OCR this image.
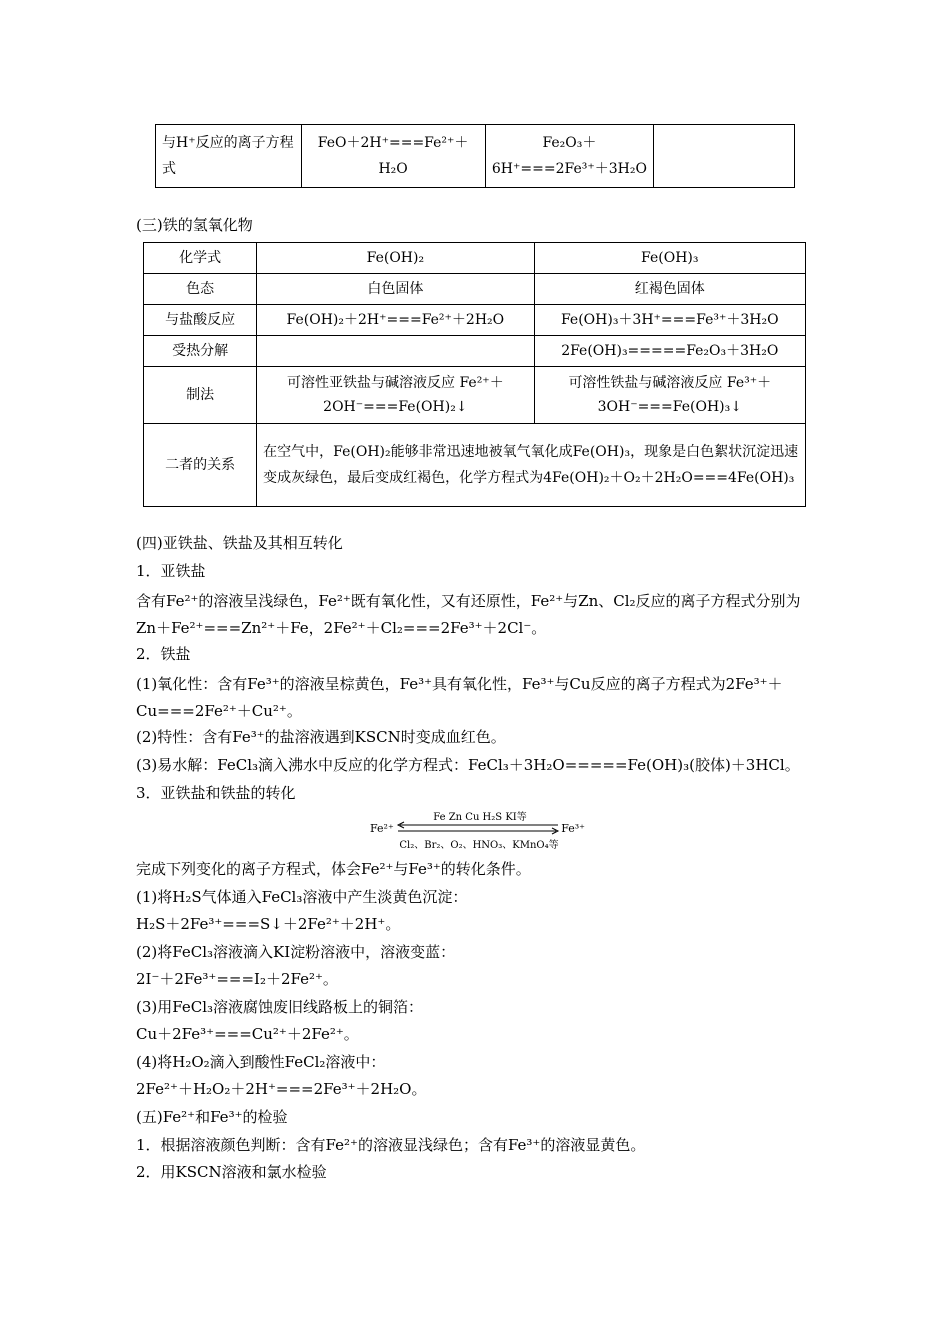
与H⁺反应的离子方程式	FeO＋2H⁺===Fe²⁺＋H₂O	Fe₂O₃＋6H⁺===2Fe³⁺＋3H₂O	
(三)铁的氢氧化物
化学式	Fe(OH)₂	Fe(OH)₃
色态	白色固体	红褐色固体
与盐酸反应	Fe(OH)₂＋2H⁺===Fe²⁺＋2H₂O	Fe(OH)₃＋3H⁺===Fe³⁺＋3H₂O
受热分解		2Fe(OH)₃=====Fe₂O₃＋3H₂O
制法	可溶性亚铁盐与碱溶液反应 Fe²⁺＋2OH⁻===Fe(OH)₂↓	可溶性铁盐与碱溶液反应 Fe³⁺＋3OH⁻===Fe(OH)₃↓
二者的关系	在空气中，Fe(OH)₂能够非常迅速地被氧气氧化成Fe(OH)₃，现象是白色絮状沉淀迅速变成灰绿色，最后变成红褐色，化学方程式为4Fe(OH)₂＋O₂＋2H₂O===4Fe(OH)₃	
(四)亚铁盐、铁盐及其相互转化
1．亚铁盐
含有Fe²⁺的溶液呈浅绿色，Fe²⁺既有氧化性，又有还原性，Fe²⁺与Zn、Cl₂反应的离子方程式分别为Zn＋Fe²⁺===Zn²⁺＋Fe，2Fe²⁺＋Cl₂===2Fe³⁺＋2Cl⁻。
2．铁盐
(1)氧化性：含有Fe³⁺的溶液呈棕黄色，Fe³⁺具有氧化性，Fe³⁺与Cu反应的离子方程式为2Fe³⁺＋Cu===2Fe²⁺＋Cu²⁺。
(2)特性：含有Fe³⁺的盐溶液遇到KSCN时变成血红色。
(3)易水解：FeCl₃滴入沸水中反应的化学方程式：FeCl₃＋3H₂O=====Fe(OH)₃(胶体)＋3HCl。
3．亚铁盐和铁盐的转化
Fe²⁺
Fe Zn Cu H₂S KI等
Cl₂、Br₂、O₂、HNO₃、KMnO₄等
Fe³⁺
完成下列变化的离子方程式，体会Fe²⁺与Fe³⁺的转化条件。
(1)将H₂S气体通入FeCl₃溶液中产生淡黄色沉淀：
H₂S＋2Fe³⁺===S↓＋2Fe²⁺＋2H⁺。
(2)将FeCl₃溶液滴入KI淀粉溶液中，溶液变蓝：
2I⁻＋2Fe³⁺===I₂＋2Fe²⁺。
(3)用FeCl₃溶液腐蚀废旧线路板上的铜箔：
Cu＋2Fe³⁺===Cu²⁺＋2Fe²⁺。
(4)将H₂O₂滴入到酸性FeCl₂溶液中：
2Fe²⁺＋H₂O₂＋2H⁺===2Fe³⁺＋2H₂O。
(五)Fe²⁺和Fe³⁺的检验
1．根据溶液颜色判断：含有Fe²⁺的溶液显浅绿色；含有Fe³⁺的溶液显黄色。
2．用KSCN溶液和氯水检验
